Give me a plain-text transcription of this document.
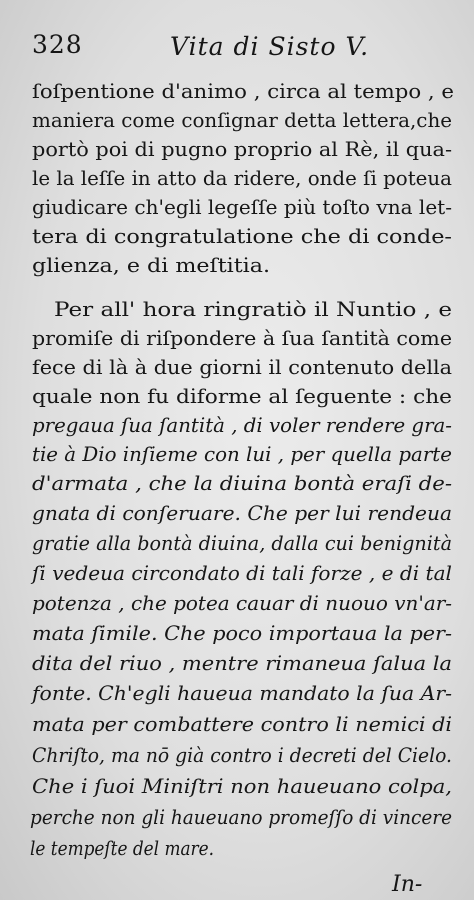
328	Vita di Sisto V.
ſoſpentione d'animo , circa al tempo , e
maniera come conſignar detta lettera,che
portò poi di pugno proprio al Rè, il qua-
le la leſſe in atto da ridere, onde ſi poteua
giudicare ch'egli legeſſe più toſto vna let-
tera di congratulatione che di conde-
glienza, e di meſtitia.
Per all' hora ringratiò il Nuntio , e
promiſe di riſpondere à ſua ſantità come
fece di là à due giorni il contenuto della
quale non fu diforme al ſeguente : che
pregaua ſua ſantità , di voler rendere gra-
tie à Dio inſieme con lui , per quella parte
d'armata , che la diuina bontà eraſi de-
gnata di conſeruare. Che per lui rendeua
gratie alla bontà diuina, dalla cui benignità
ſi vedeua circondato di tali forze , e di tal
potenza , che potea cauar di nuouo vn'ar-
mata ſimile. Che poco importaua la per-
dita del riuo , mentre rimaneua ſalua la
fonte. Ch'egli haueua mandato la ſua Ar-
mata per combattere contro li nemici di
Chriſto, ma nō già contro i decreti del Cielo.
Che i ſuoi Miniſtri non haueuano colpa,
perche non gli haueuano promeſſo di vincere
le tempeſte del mare.
In-
